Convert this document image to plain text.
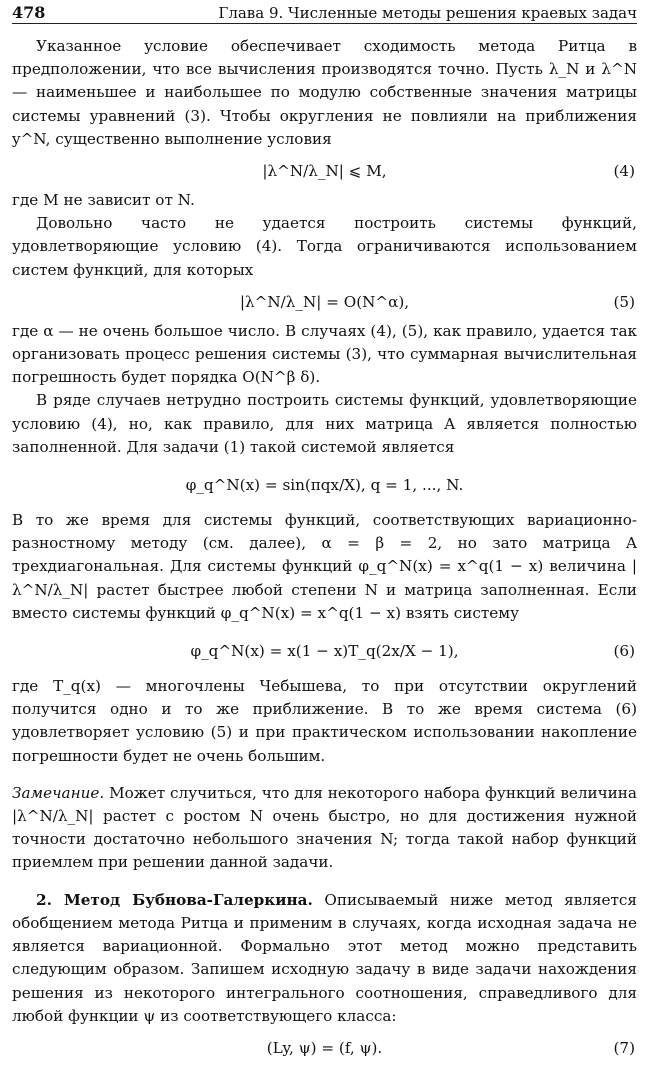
478	Глава 9. Численные методы решения краевых задач

Указанное условие обеспечивает сходимость метода Ритца в предположении, что все вычисления производятся точно. Пусть λ_N и λ^N — наименьшее и наибольшее по модулю собственные значения матрицы системы уравнений (3). Чтобы округления не повлияли на приближения y^N, существенно выполнение условия

|λ^N/λ_N| ⩽ M,	(4)

где M не зависит от N.

Довольно часто не удается построить системы функций, удовлетворяющие условию (4). Тогда ограничиваются использованием систем функций, для которых

|λ^N/λ_N| = O(N^α),	(5)

где α — не очень большое число. В случаях (4), (5), как правило, удается так организовать процесс решения системы (3), что суммарная вычислительная погрешность будет порядка O(N^β δ).

В ряде случаев нетрудно построить системы функций, удовлетворяющие условию (4), но, как правило, для них матрица A является полностью заполненной. Для задачи (1) такой системой является

φ_q^N(x) = sin(πqx/X), q = 1, ..., N.

В то же время для системы функций, соответствующих вариационно-разностному методу (см. далее), α = β = 2, но зато матрица A трехдиагональная. Для системы функций φ_q^N(x) = x^q(1 − x) величина |λ^N/λ_N| растет быстрее любой степени N и матрица заполненная. Если вместо системы функций φ_q^N(x) = x^q(1 − x) взять систему

φ_q^N(x) = x(1 − x)T_q(2x/X − 1),	(6)

где T_q(x) — многочлены Чебышева, то при отсутствии округлений получится одно и то же приближение. В то же время система (6) удовлетворяет условию (5) и при практическом использовании накопление погрешности будет не очень большим.

Замечание. Может случиться, что для некоторого набора функций величина |λ^N/λ_N| растет с ростом N очень быстро, но для достижения нужной точности достаточно небольшого значения N; тогда такой набор функций приемлем при решении данной задачи.

2. Метод Бубнова-Галеркина. Описываемый ниже метод является обобщением метода Ритца и применим в случаях, когда исходная задача не является вариационной. Формально этот метод можно представить следующим образом. Запишем исходную задачу в виде задачи нахождения решения из некоторого интегрального соотношения, справедливого для любой функции ψ из соответствующего класса:

(Ly, ψ) = (f, ψ).	(7)
